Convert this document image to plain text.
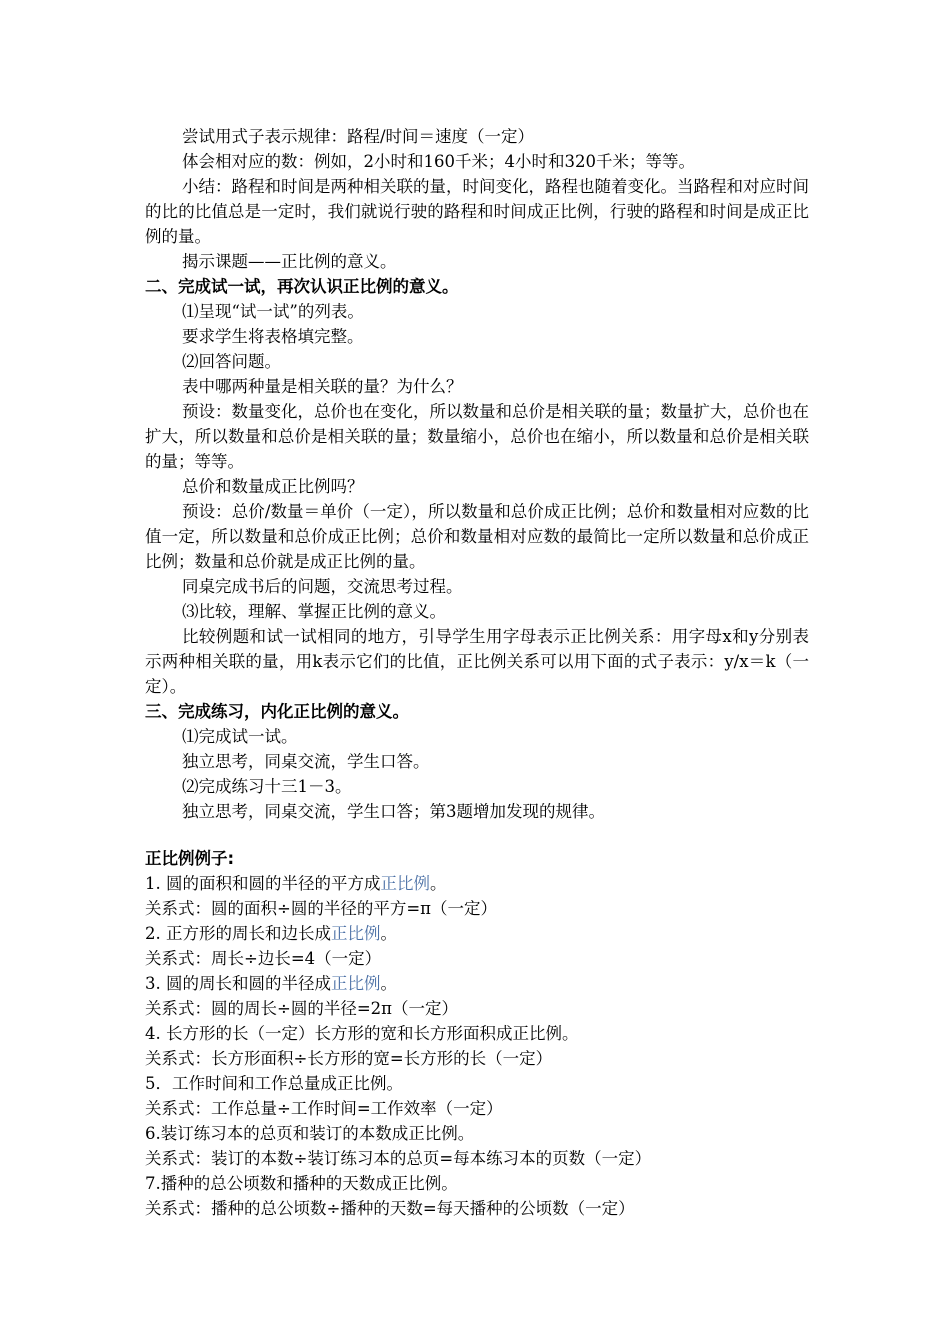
尝试用式子表示规律：路程/时间＝速度（一定）

体会相对应的数：例如，2小时和160千米；4小时和320千米；等等。

小结：路程和时间是两种相关联的量，时间变化，路程也随着变化。当路程和对应时间的比的比值总是一定时，我们就说行驶的路程和时间成正比例，行驶的路程和时间是成正比例的量。

揭示课题——正比例的意义。

二、完成试一试，再次认识正比例的意义。

⑴呈现“试一试”的列表。

要求学生将表格填完整。

⑵回答问题。

表中哪两种量是相关联的量？为什么？

预设：数量变化，总价也在变化，所以数量和总价是相关联的量；数量扩大，总价也在扩大，所以数量和总价是相关联的量；数量缩小，总价也在缩小，所以数量和总价是相关联的量；等等。

总价和数量成正比例吗？

预设：总价/数量＝单价（一定），所以数量和总价成正比例；总价和数量相对应数的比值一定，所以数量和总价成正比例；总价和数量相对应数的最简比一定所以数量和总价成正比例；数量和总价就是成正比例的量。

同桌完成书后的问题，交流思考过程。

⑶比较，理解、掌握正比例的意义。

比较例题和试一试相同的地方，引导学生用字母表示正比例关系：用字母x和y分别表示两种相关联的量，用k表示它们的比值，正比例关系可以用下面的式子表示：y/x＝k（一定）。

三、完成练习，内化正比例的意义。

⑴完成试一试。

独立思考，同桌交流，学生口答。

⑵完成练习十三1－3。

独立思考，同桌交流，学生口答；第3题增加发现的规律。

正比例例子:

1. 圆的面积和圆的半径的平方成正比例。

关系式：圆的面积÷圆的半径的平方=π（一定）

2. 正方形的周长和边长成正比例。

关系式：周长÷边长=4（一定）

3. 圆的周长和圆的半径成正比例。

关系式：圆的周长÷圆的半径=2π（一定）

4. 长方形的长（一定）长方形的宽和长方形面积成正比例。

关系式：长方形面积÷长方形的宽=长方形的长（一定）

5．工作时间和工作总量成正比例。

关系式：工作总量÷工作时间=工作效率（一定）

6.装订练习本的总页和装订的本数成正比例。

关系式：装订的本数÷装订练习本的总页=每本练习本的页数（一定）

7.播种的总公顷数和播种的天数成正比例。

关系式：播种的总公顷数÷播种的天数=每天播种的公顷数（一定）
